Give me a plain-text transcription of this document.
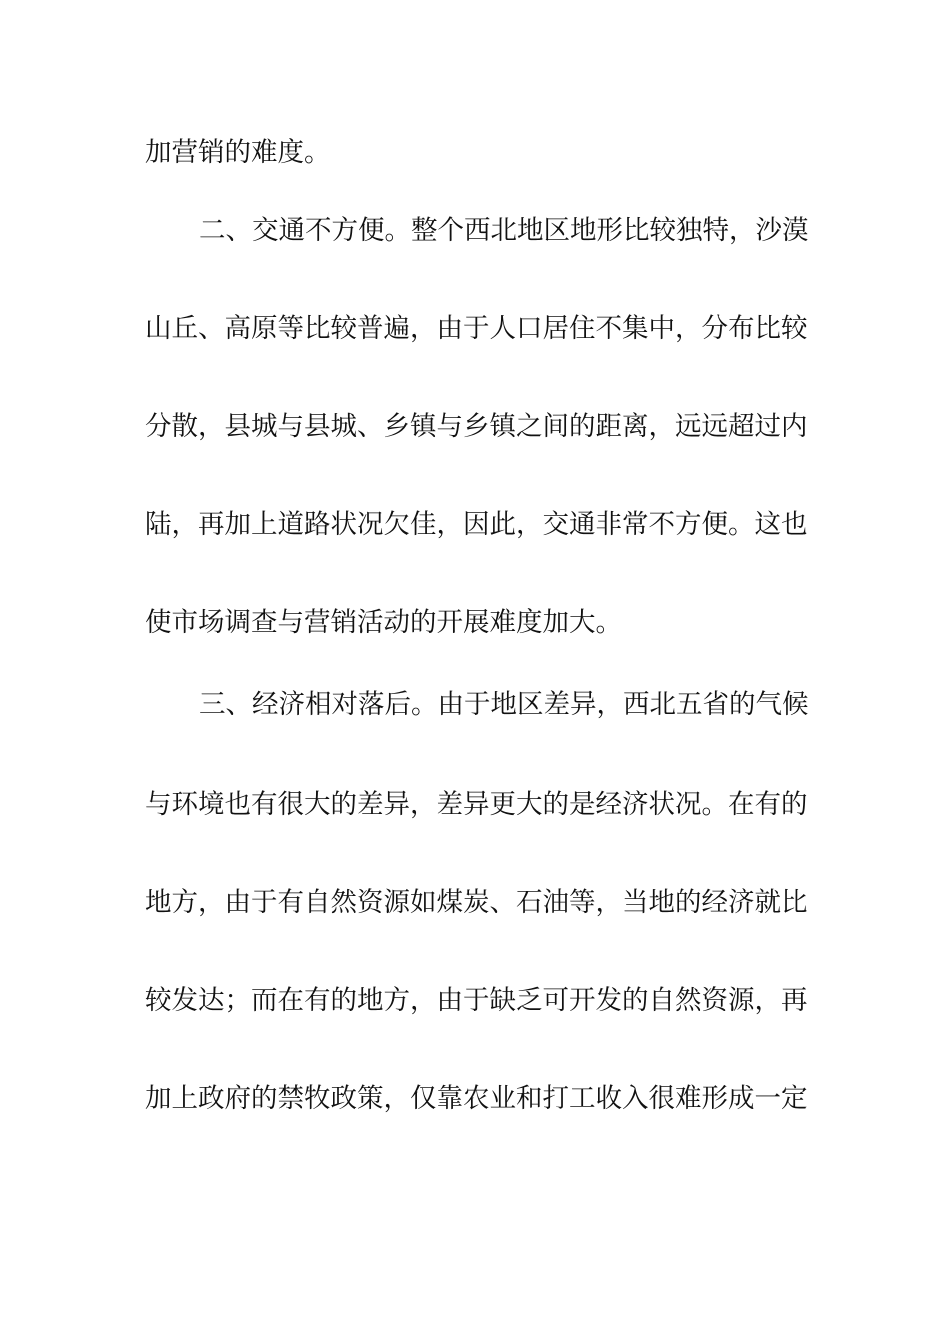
加营销的难度。
二、交通不方便。整个西北地区地形比较独特，沙漠
山丘、高原等比较普遍，由于人口居住不集中，分布比较
分散，县城与县城、乡镇与乡镇之间的距离，远远超过内
陆，再加上道路状况欠佳，因此，交通非常不方便。这也
使市场调查与营销活动的开展难度加大。
三、经济相对落后。由于地区差异，西北五省的气候
与环境也有很大的差异，差异更大的是经济状况。在有的
地方，由于有自然资源如煤炭、石油等，当地的经济就比
较发达；而在有的地方，由于缺乏可开发的自然资源，再
加上政府的禁牧政策，仅靠农业和打工收入很难形成一定
